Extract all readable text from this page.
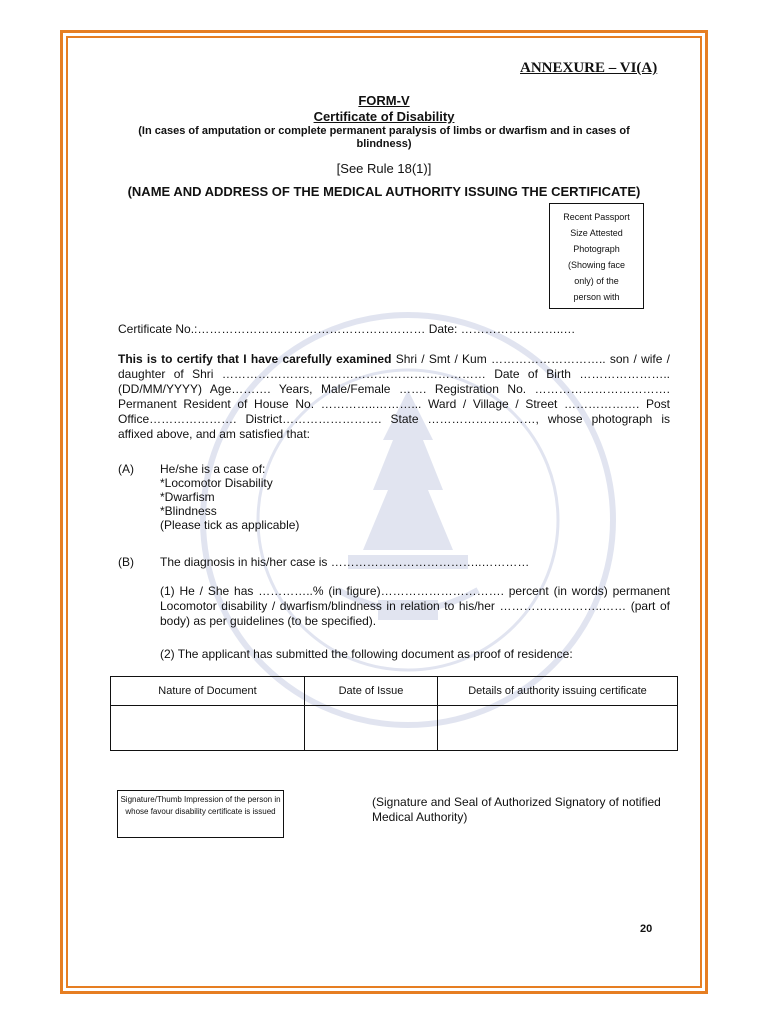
ANNEXURE – VI(A)
FORM-V
Certificate of Disability
(In cases of amputation or complete permanent paralysis of limbs or dwarfism and in cases of blindness)
[See Rule 18(1)]
(NAME AND ADDRESS OF THE MEDICAL AUTHORITY ISSUING THE CERTIFICATE)
Recent Passport
Size Attested
Photograph
(Showing face
only) of the
person with
Certificate No.:………………………………………………… Date: ……………………..…
This is to certify that I have carefully examined Shri / Smt / Kum ……………………….. son / wife / daughter of Shri ………………………………………………………… Date of Birth ………………….. (DD/MM/YYYY) Age………. Years, Male/Female ……. Registration No. ……………………………. Permanent Resident of House No. …………..………... Ward / Village / Street ………………. Post Office…………………. District……………………. State ………………………, whose photograph is affixed above, and am satisfied that:
(A) He/she is a case of:
*Locomotor Disability
*Dwarfism
*Blindness
(Please tick as applicable)
(B) The diagnosis in his/her case is ………………………………..…………
(1) He / She has …………..% (in figure)…………………………. percent (in words) permanent Locomotor disability / dwarfism/blindness in relation to his/her ……………………..…… (part of body) as per guidelines (to be specified).
(2) The applicant has submitted the following document as proof of residence:
Nature of Document	Date of Issue	Details of authority issuing certificate

Signature/Thumb Impression of the person in whose favour disability certificate is issued
(Signature and Seal of Authorized Signatory of notified Medical Authority)
20
